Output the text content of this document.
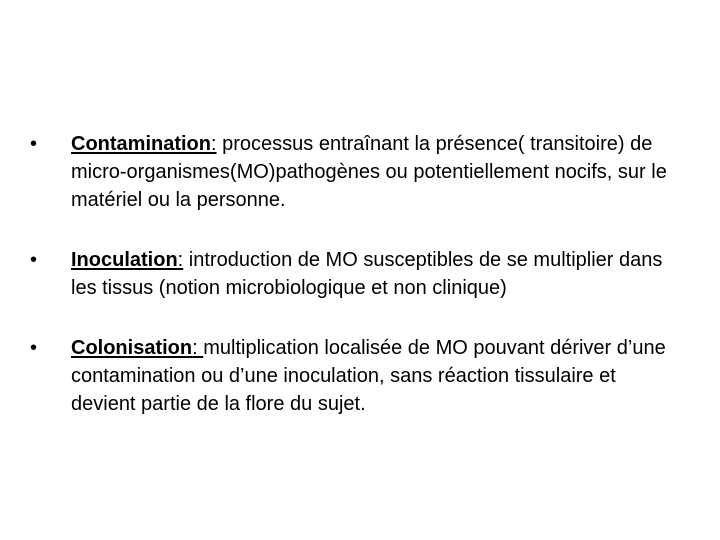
• Contamination: processus entraînant la présence( transitoire) de micro-organismes(MO)pathogènes ou potentiellement nocifs, sur le matériel ou la personne.
• Inoculation: introduction de MO susceptibles de se multiplier dans les tissus (notion microbiologique et non clinique)
• Colonisation: multiplication localisée de MO pouvant dériver d’une contamination ou d’une inoculation, sans réaction tissulaire et devient partie de la flore du sujet.
